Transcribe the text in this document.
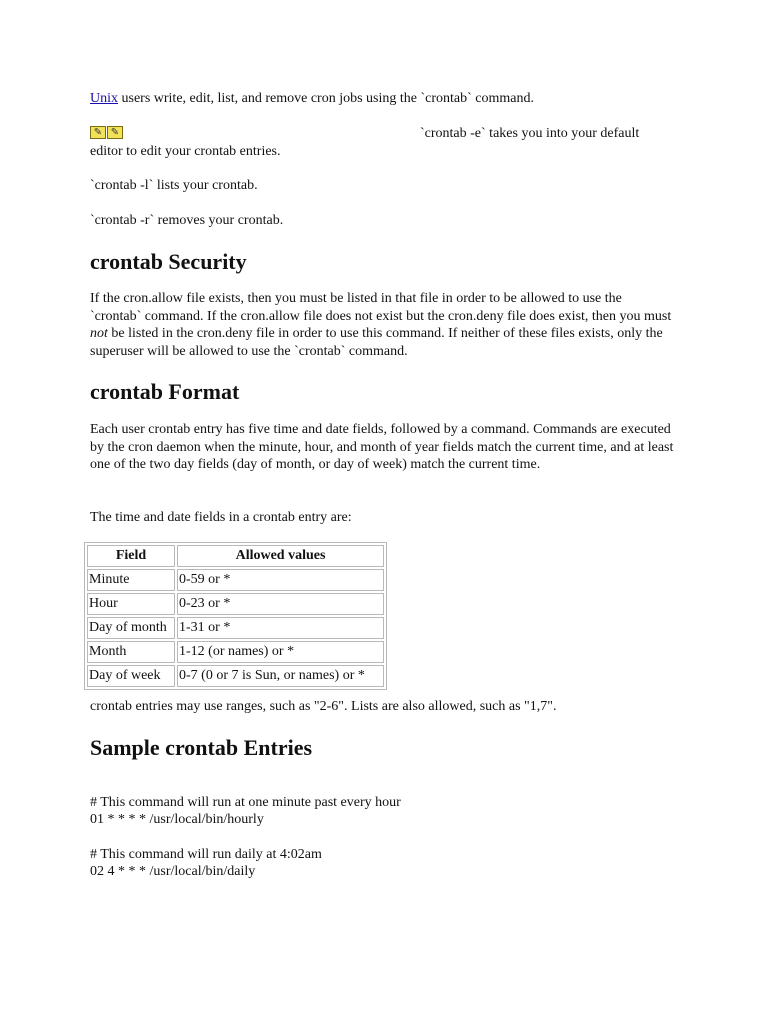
Unix users write, edit, list, and remove cron jobs using the `crontab` command.

✎ ✎	`crontab -e` takes you into your default

editor to edit your crontab entries.

`crontab -l` lists your crontab.

`crontab -r` removes your crontab.

crontab Security

If the cron.allow file exists, then you must be listed in that file in order to be allowed to use the `crontab` command. If the cron.allow file does not exist but the cron.deny file does exist, then you must not be listed in the cron.deny file in order to use this command. If neither of these files exists, only the superuser will be allowed to use the `crontab` command.

crontab Format

Each user crontab entry has five time and date fields, followed by a command. Commands are executed by the cron daemon when the minute, hour, and month of year fields match the current time, and at least one of the two day fields (day of month, or day of week) match the current time.

The time and date fields in a crontab entry are:

Field	Allowed values
Minute	0-59 or *
Hour	0-23 or *
Day of month	1-31 or *
Month	1-12 (or names) or *
Day of week	0-7 (0 or 7 is Sun, or names) or *

crontab entries may use ranges, such as "2-6". Lists are also allowed, such as "1,7".

Sample crontab Entries

# This command will run at one minute past every hour

01 * * * * /usr/local/bin/hourly

# This command will run daily at 4:02am

02 4 * * * /usr/local/bin/daily
